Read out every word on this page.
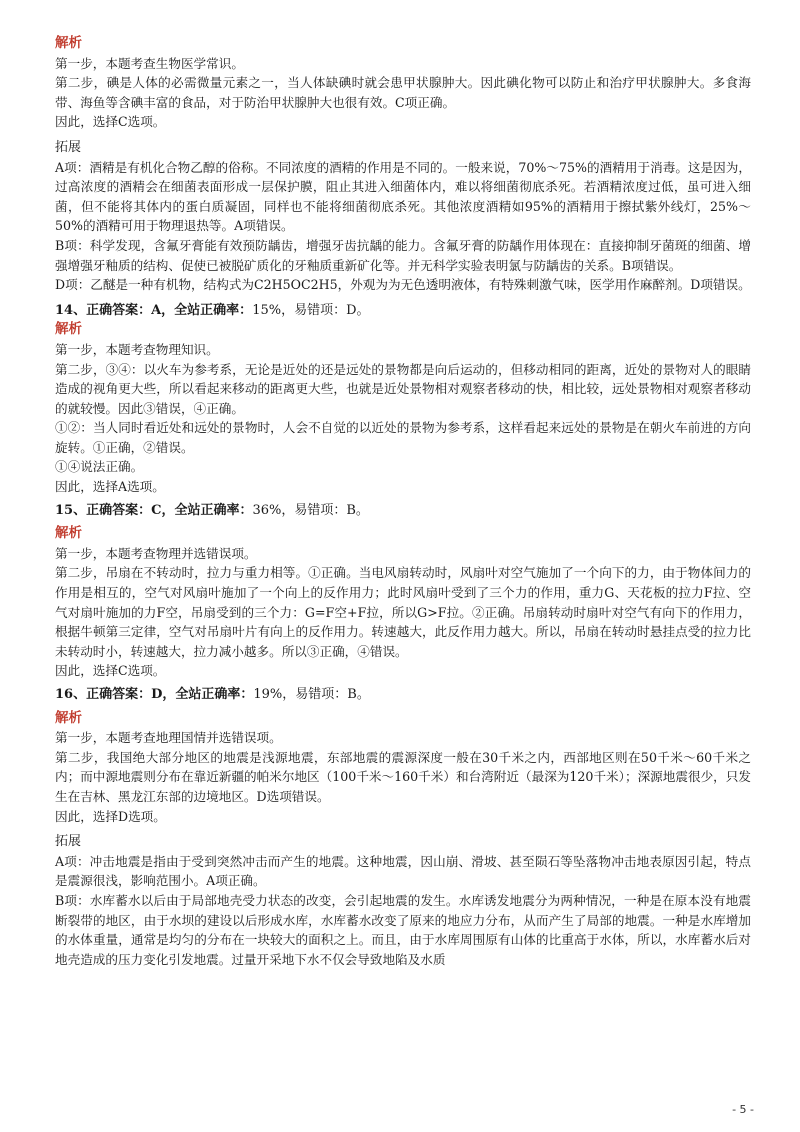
解析

第一步，本题考查生物医学常识。

第二步，碘是人体的必需微量元素之一，当人体缺碘时就会患甲状腺肿大。因此碘化物可以防止和治疗甲状腺肿大。多食海带、海鱼等含碘丰富的食品，对于防治甲状腺肿大也很有效。C项正确。

因此，选择C选项。

拓展

A项：酒精是有机化合物乙醇的俗称。不同浓度的酒精的作用是不同的。一般来说，70%～75%的酒精用于消毒。这是因为，过高浓度的酒精会在细菌表面形成一层保护膜，阻止其进入细菌体内，难以将细菌彻底杀死。若酒精浓度过低，虽可进入细菌，但不能将其体内的蛋白质凝固，同样也不能将细菌彻底杀死。其他浓度酒精如95%的酒精用于擦拭紫外线灯，25%～50%的酒精可用于物理退热等。A项错误。

B项：科学发现，含氟牙膏能有效预防龋齿，增强牙齿抗龋的能力。含氟牙膏的防龋作用体现在：直接抑制牙菌斑的细菌、增强增强牙釉质的结构、促使已被脱矿质化的牙釉质重新矿化等。并无科学实验表明氯与防龋齿的关系。B项错误。

D项：乙醚是一种有机物，结构式为C2H5OC2H5，外观为为无色透明液体，有特殊刺激气味，医学用作麻醉剂。D项错误。

14、正确答案：A，全站正确率：15%，易错项：D。

解析

第一步，本题考查物理知识。

第二步，③④：以火车为参考系，无论是近处的还是远处的景物都是向后运动的，但移动相同的距离，近处的景物对人的眼睛造成的视角更大些，所以看起来移动的距离更大些，也就是近处景物相对观察者移动的快，相比较，远处景物相对观察者移动的就较慢。因此③错误，④正确。

①②：当人同时看近处和远处的景物时，人会不自觉的以近处的景物为参考系，这样看起来远处的景物是在朝火车前进的方向旋转。①正确，②错误。

①④说法正确。

因此，选择A选项。

15、正确答案：C，全站正确率：36%，易错项：B。

解析

第一步，本题考查物理并选错误项。

第二步，吊扇在不转动时，拉力与重力相等。①正确。当电风扇转动时，风扇叶对空气施加了一个向下的力，由于物体间力的作用是相互的，空气对风扇叶施加了一个向上的反作用力；此时风扇叶受到了三个力的作用，重力G、天花板的拉力F拉、空气对扇叶施加的力F空，吊扇受到的三个力：G=F空+F拉，所以G>F拉。②正确。吊扇转动时扇叶对空气有向下的作用力，根据牛顿第三定律，空气对吊扇叶片有向上的反作用力。转速越大，此反作用力越大。所以，吊扇在转动时悬挂点受的拉力比未转动时小，转速越大，拉力减小越多。所以③正确，④错误。

因此，选择C选项。

16、正确答案：D，全站正确率：19%，易错项：B。

解析

第一步，本题考查地理国情并选错误项。

第二步，我国绝大部分地区的地震是浅源地震，东部地震的震源深度一般在30千米之内，西部地区则在50千米～60千米之内；而中源地震则分布在靠近新疆的帕米尔地区（100千米～160千米）和台湾附近（最深为120千米）；深源地震很少，只发生在吉林、黑龙江东部的边境地区。D选项错误。

因此，选择D选项。

拓展

A项：冲击地震是指由于受到突然冲击而产生的地震。这种地震，因山崩、滑坡、甚至陨石等坠落物冲击地表原因引起，特点是震源很浅，影响范围小。A项正确。

B项：水库蓄水以后由于局部地壳受力状态的改变，会引起地震的发生。水库诱发地震分为两种情况，一种是在原本没有地震断裂带的地区，由于水坝的建设以后形成水库，水库蓄水改变了原来的地应力分布，从而产生了局部的地震。一种是水库增加的水体重量，通常是均匀的分布在一块较大的面积之上。而且，由于水库周围原有山体的比重高于水体，所以，水库蓄水后对地壳造成的压力变化引发地震。过量开采地下水不仅会导致地陷及水质

- 5 -
